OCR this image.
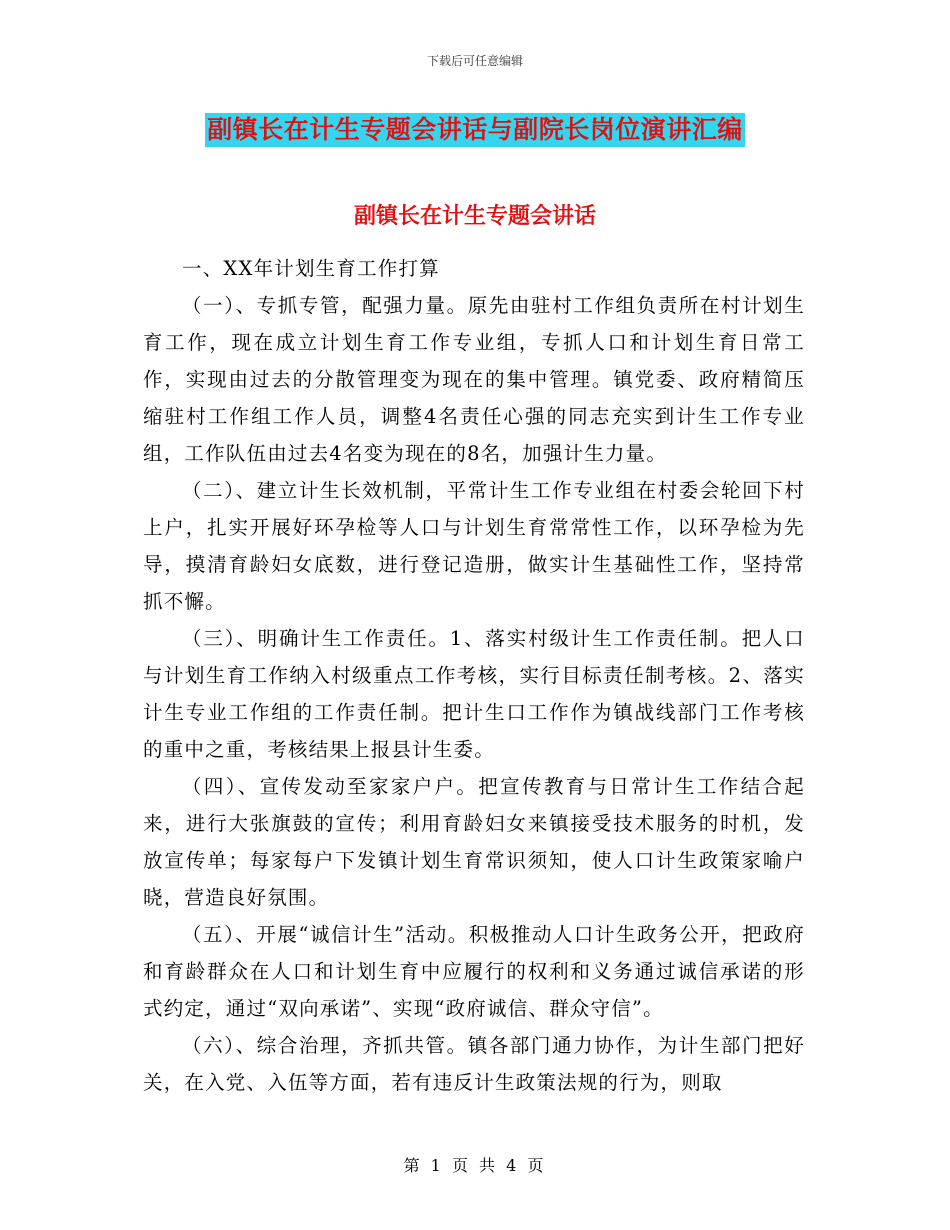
下载后可任意编辑
副镇长在计生专题会讲话与副院长岗位演讲汇编
副镇长在计生专题会讲话

一、XX年计划生育工作打算

（一）、专抓专管，配强力量。原先由驻村工作组负责所在村计划生育工作，现在成立计划生育工作专业组，专抓人口和计划生育日常工作，实现由过去的分散管理变为现在的集中管理。镇党委、政府精简压缩驻村工作组工作人员，调整4名责任心强的同志充实到计生工作专业组，工作队伍由过去4名变为现在的8名，加强计生力量。

（二）、建立计生长效机制，平常计生工作专业组在村委会轮回下村上户，扎实开展好环孕检等人口与计划生育常常性工作，以环孕检为先导，摸清育龄妇女底数，进行登记造册，做实计生基础性工作，坚持常抓不懈。

（三）、明确计生工作责任。1、落实村级计生工作责任制。把人口与计划生育工作纳入村级重点工作考核，实行目标责任制考核。2、落实计生专业工作组的工作责任制。把计生口工作作为镇战线部门工作考核的重中之重，考核结果上报县计生委。

（四）、宣传发动至家家户户。把宣传教育与日常计生工作结合起来，进行大张旗鼓的宣传；利用育龄妇女来镇接受技术服务的时机，发放宣传单；每家每户下发镇计划生育常识须知，使人口计生政策家喻户晓，营造良好氛围。

（五）、开展“诚信计生”活动。积极推动人口计生政务公开，把政府和育龄群众在人口和计划生育中应履行的权利和义务通过诚信承诺的形式约定，通过“双向承诺”、实现“政府诚信、群众守信”。

（六）、综合治理，齐抓共管。镇各部门通力协作，为计生部门把好关，在入党、入伍等方面，若有违反计生政策法规的行为，则取

第 1 页 共 4 页
